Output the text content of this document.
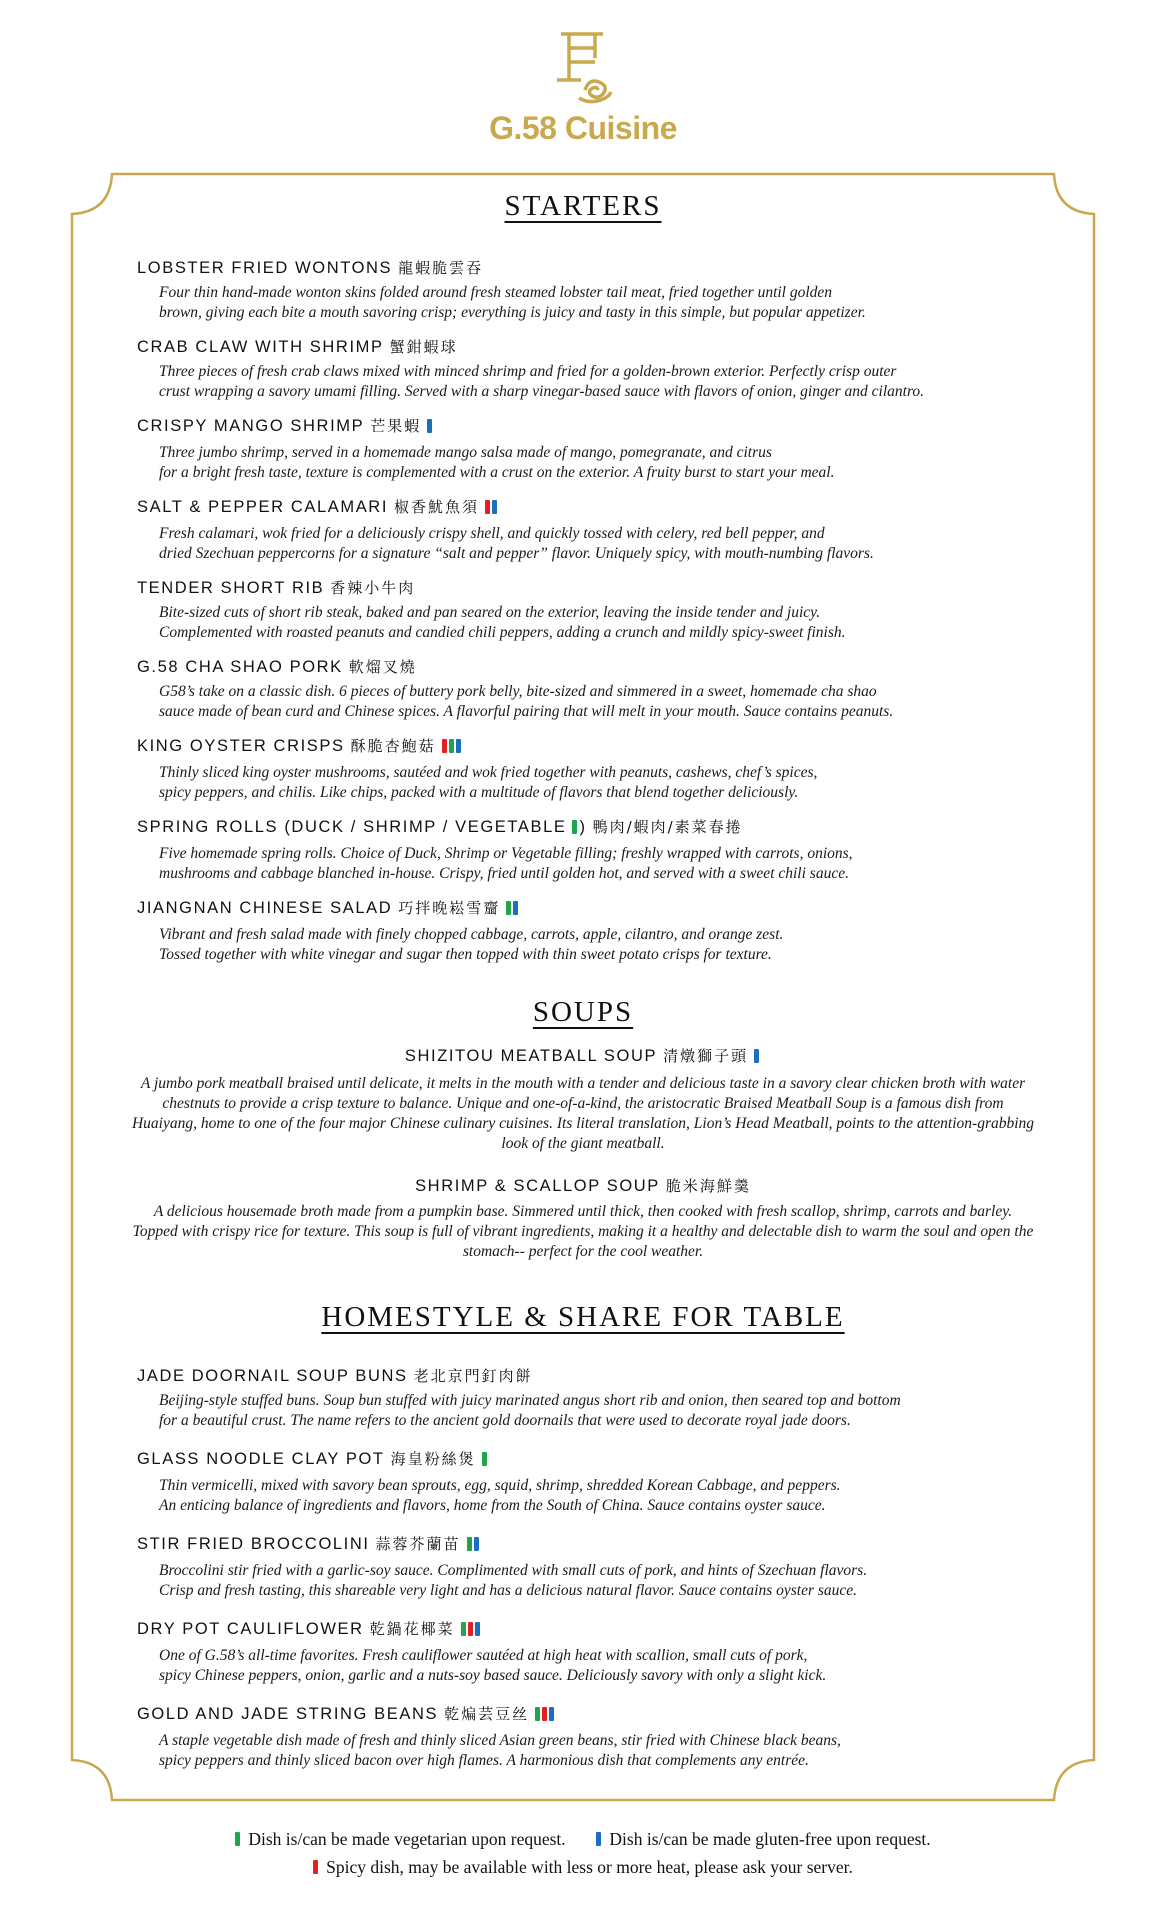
G.58 Cuisine
STARTERS
LOBSTER FRIED WONTONS 龍蝦脆雲吞
Four thin hand-made wonton skins folded around fresh steamed lobster tail meat, fried together until golden
brown, giving each bite a mouth savoring crisp; everything is juicy and tasty in this simple, but popular appetizer.
CRAB CLAW WITH SHRIMP 蟹鉗蝦球
Three pieces of fresh crab claws mixed with minced shrimp and fried for a golden-brown exterior. Perfectly crisp outer
crust wrapping a savory umami filling. Served with a sharp vinegar-based sauce with flavors of onion, ginger and cilantro.
CRISPY MANGO SHRIMP 芒果蝦
Three jumbo shrimp, served in a homemade mango salsa made of mango, pomegranate, and citrus
for a bright fresh taste, texture is complemented with a crust on the exterior. A fruity burst to start your meal.
SALT & PEPPER CALAMARI 椒香魷魚須
Fresh calamari, wok fried for a deliciously crispy shell, and quickly tossed with celery, red bell pepper, and
dried Szechuan peppercorns for a signature “salt and pepper” flavor. Uniquely spicy, with mouth-numbing flavors.
TENDER SHORT RIB 香辣小牛肉
Bite-sized cuts of short rib steak, baked and pan seared on the exterior, leaving the inside tender and juicy.
Complemented with roasted peanuts and candied chili peppers, adding a crunch and mildly spicy-sweet finish.
G.58 CHA SHAO PORK 軟熘叉燒
G58’s take on a classic dish. 6 pieces of buttery pork belly, bite-sized and simmered in a sweet, homemade cha shao
sauce made of bean curd and Chinese spices. A flavorful pairing that will melt in your mouth. Sauce contains peanuts.
KING OYSTER CRISPS 酥脆杏鮑菇
Thinly sliced king oyster mushrooms, sautéed and wok fried together with peanuts, cashews, chef’s spices,
spicy peppers, and chilis. Like chips, packed with a multitude of flavors that blend together deliciously.
SPRING ROLLS (DUCK / SHRIMP / VEGETABLE ) 鴨肉/蝦肉/素菜春捲
Five homemade spring rolls. Choice of Duck, Shrimp or Vegetable filling; freshly wrapped with carrots, onions,
mushrooms and cabbage blanched in-house. Crispy, fried until golden hot, and served with a sweet chili sauce.
JIANGNAN CHINESE SALAD 巧拌晚崧雪齏
Vibrant and fresh salad made with finely chopped cabbage, carrots, apple, cilantro, and orange zest.
Tossed together with white vinegar and sugar then topped with thin sweet potato crisps for texture.
SOUPS
SHIZITOU MEATBALL SOUP 清燉獅子頭
A jumbo pork meatball braised until delicate, it melts in the mouth with a tender and delicious taste in a savory clear chicken broth with water chestnuts to provide a crisp texture to balance. Unique and one-of-a-kind, the aristocratic Braised Meatball Soup is a famous dish from Huaiyang, home to one of the four major Chinese culinary cuisines. Its literal translation, Lion’s Head Meatball, points to the attention-grabbing look of the giant meatball.
SHRIMP & SCALLOP SOUP 脆米海鮮羹
A delicious housemade broth made from a pumpkin base. Simmered until thick, then cooked with fresh scallop, shrimp, carrots and barley. Topped with crispy rice for texture. This soup is full of vibrant ingredients, making it a healthy and delectable dish to warm the soul and open the stomach-- perfect for the cool weather.
HOMESTYLE & SHARE FOR TABLE
JADE DOORNAIL SOUP BUNS 老北京門釘肉餅
Beijing-style stuffed buns. Soup bun stuffed with juicy marinated angus short rib and onion, then seared top and bottom
for a beautiful crust. The name refers to the ancient gold doornails that were used to decorate royal jade doors.
GLASS NOODLE CLAY POT 海皇粉絲煲
Thin vermicelli, mixed with savory bean sprouts, egg, squid, shrimp, shredded Korean Cabbage, and peppers.
An enticing balance of ingredients and flavors, home from the South of China. Sauce contains oyster sauce.
STIR FRIED BROCCOLINI 蒜蓉芥蘭苗
Broccolini stir fried with a garlic-soy sauce. Complimented with small cuts of pork, and hints of Szechuan flavors.
Crisp and fresh tasting, this shareable very light and has a delicious natural flavor. Sauce contains oyster sauce.
DRY POT CAULIFLOWER 乾鍋花椰菜
One of G.58’s all-time favorites. Fresh cauliflower sautéed at high heat with scallion, small cuts of pork,
spicy Chinese peppers, onion, garlic and a nuts-soy based sauce. Deliciously savory with only a slight kick.
GOLD AND JADE STRING BEANS 乾煸芸豆丝
A staple vegetable dish made of fresh and thinly sliced Asian green beans, stir fried with Chinese black beans,
spicy peppers and thinly sliced bacon over high flames. A harmonious dish that complements any entrée.
Dish is/can be made vegetarian upon request.	Dish is/can be made gluten-free upon request.
Spicy dish, may be available with less or more heat, please ask your server.
